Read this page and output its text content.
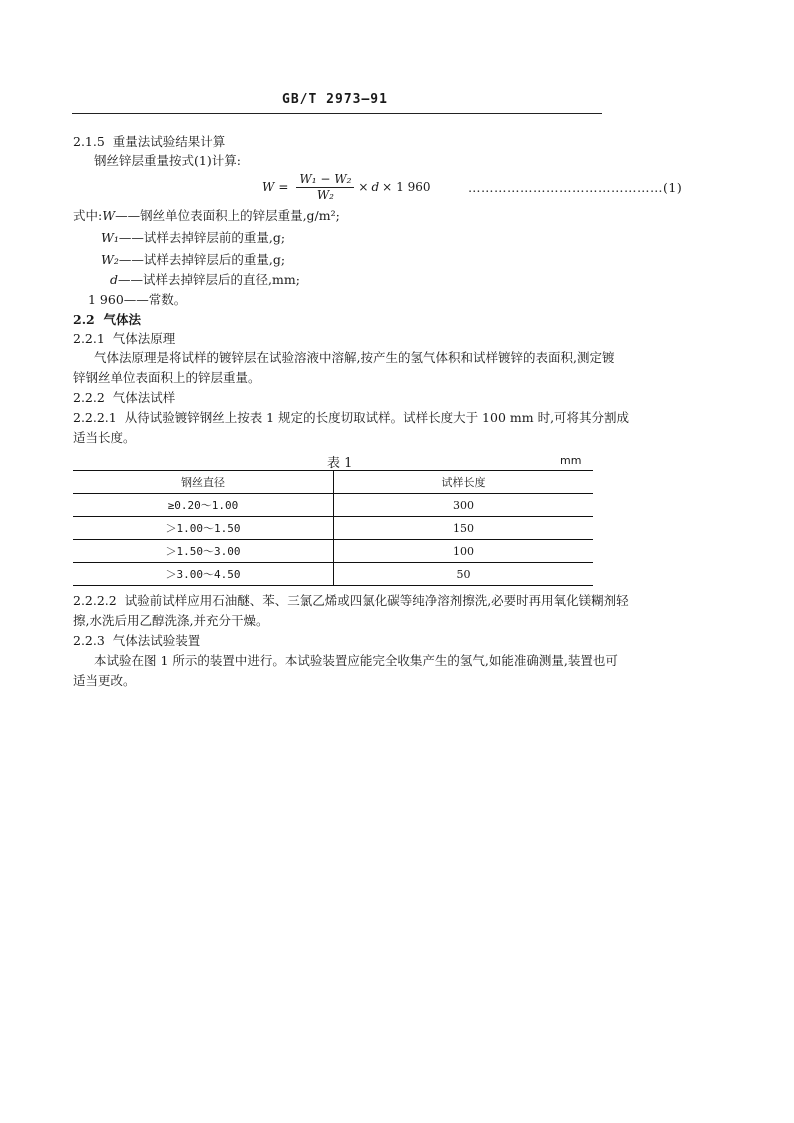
GB/T 2973—91
2.1.5 重量法试验结果计算
钢丝锌层重量按式(1)计算:
$W = \frac{\text{W₁ − W₂}}{\text{W₂}} \times d \times 1$ 960	………………………………………(1)
式中:W——钢丝单位表面积上的锌层重量,g/m²;
W₁——试样去掉锌层前的重量,g;
W₂——试样去掉锌层后的重量,g;
d——试样去掉锌层后的直径,mm;
1 960——常数。
2.2 气体法
2.2.1 气体法原理
气体法原理是将试样的镀锌层在试验溶液中溶解,按产生的氢气体积和试样镀锌的表面积,测定镀
锌钢丝单位表面积上的锌层重量。
2.2.2 气体法试样
2.2.2.1 从待试验镀锌钢丝上按表 1 规定的长度切取试样。试样长度大于 100 mm 时,可将其分割成
适当长度。
表 1	mm
钢丝直径	试样长度
≥0.20～1.00	300
＞1.00～1.50	150
＞1.50～3.00	100
＞3.00～4.50	50
2.2.2.2 试验前试样应用石油醚、苯、三氯乙烯或四氯化碳等纯净溶剂擦洗,必要时再用氧化镁糊剂轻
擦,水洗后用乙醇洗涤,并充分干燥。
2.2.3 气体法试验装置
本试验在图 1 所示的装置中进行。本试验装置应能完全收集产生的氢气,如能准确测量,装置也可
适当更改。
